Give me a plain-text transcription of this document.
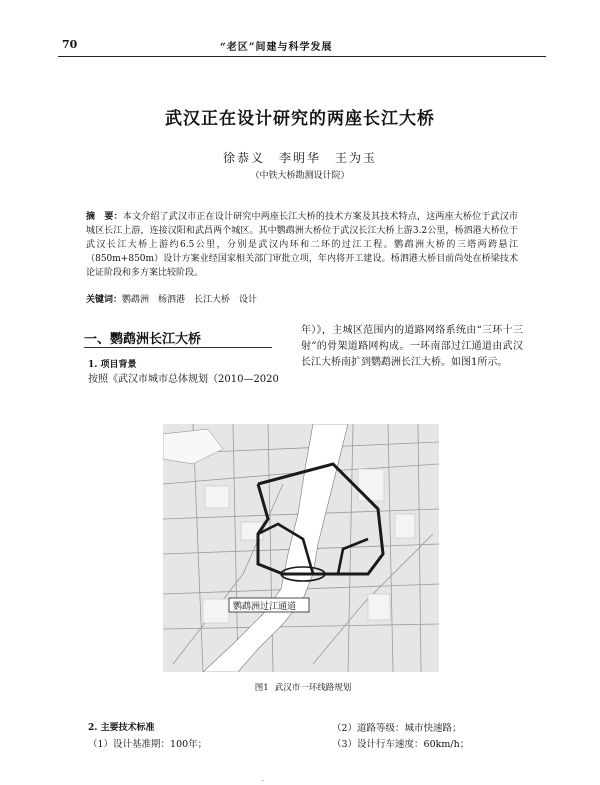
70	“老区”间建与科学发展
武汉正在设计研究的两座长江大桥
徐恭义　李明华　王为玉
（中铁大桥勘测设计院）
摘　要：本文介绍了武汉市正在设计研究中两座长江大桥的技术方案及其技术特点，这两座大桥位于武汉市城区长江上游，连接汉阳和武昌两个城区。其中鹦鹉洲大桥位于武汉长江大桥上游3.2公里，杨泗港大桥位于武汉长江大桥上游约6.5公里，分别是武汉内环和二环的过江工程。鹦鹉洲大桥的三塔两跨悬江（850m+850m）设计方案业经国家相关部门审批立项，年内将开工建设。杨泗港大桥目前尚处在桥梁技术论证阶段和多方案比较阶段。
关键词：鹦鹉洲　杨泗港　长江大桥　设计
一、鹦鹉洲长江大桥
1. 项目背景
按照《武汉市城市总体规划（2010—2020
年）》，主城区范围内的道路网络系统由“三环十三射”的骨架道路网构成。一环南部过江通道由武汉长江大桥南扩到鹦鹉洲长江大桥。如图1所示。
鹦鹉洲过江通道
图1 武汉市一环线路规划
2. 主要技术标准
（1）设计基准期：100年；
（2）道路等级：城市快速路；
（3）设计行车速度：60km/h；
·
